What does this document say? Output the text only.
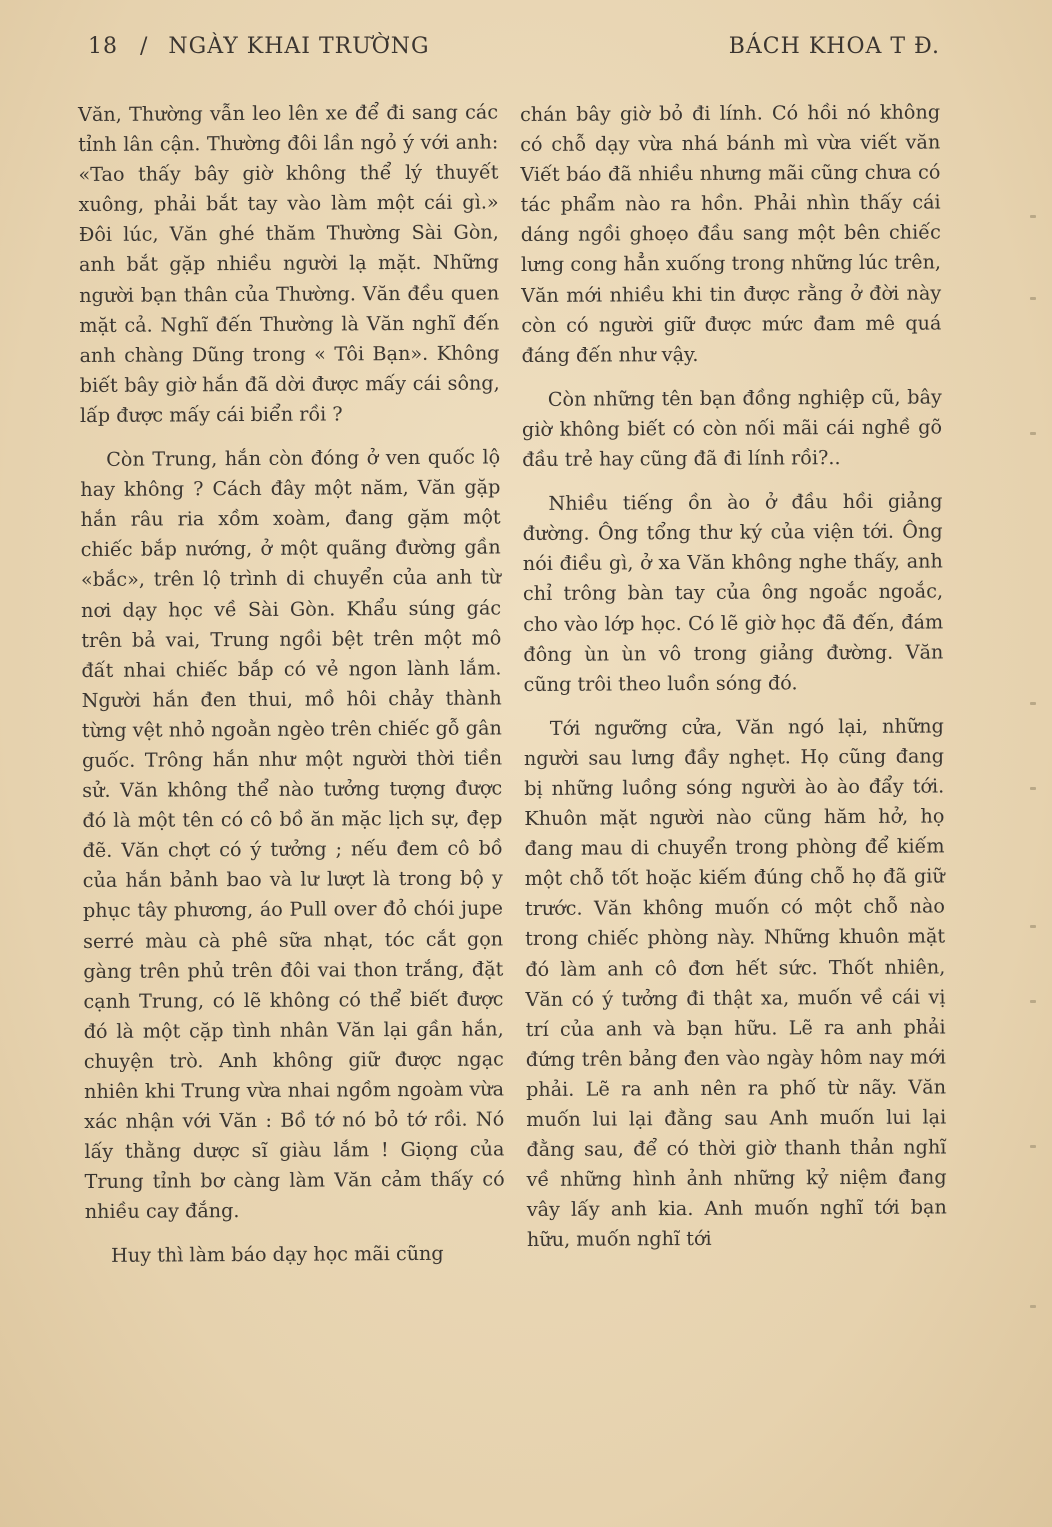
18 / NGÀY KHAI TRƯỜNG	BÁCH KHOA T Đ.

Văn, Thường vẫn leo lên xe để đi sang các tỉnh lân cận. Thường đôi lần ngỏ ý với anh: «Tao thấy bây giờ không thể lý thuyết xuông, phải bắt tay vào làm một cái gì.» Đôi lúc, Văn ghé thăm Thường Sài Gòn, anh bắt gặp nhiều người lạ mặt. Những người bạn thân của Thường. Văn đều quen mặt cả. Nghĩ đến Thường là Văn nghĩ đến anh chàng Dũng trong « Tôi Bạn». Không biết bây giờ hắn đã dời được mấy cái sông, lấp được mấy cái biển rồi ?

Còn Trung, hắn còn đóng ở ven quốc lộ hay không ? Cách đây một năm, Văn gặp hắn râu ria xồm xoàm, đang gặm một chiếc bắp nướng, ở một quãng đường gần «bắc», trên lộ trình di chuyển của anh từ nơi dạy học về Sài Gòn. Khẩu súng gác trên bả vai, Trung ngồi bệt trên một mô đất nhai chiếc bắp có vẻ ngon lành lắm. Người hắn đen thui, mồ hôi chảy thành từng vệt nhỏ ngoằn ngèo trên chiếc gỗ gân guốc. Trông hắn như một người thời tiền sử. Văn không thể nào tưởng tượng được đó là một tên có cô bồ ăn mặc lịch sự, đẹp đẽ. Văn chợt có ý tưởng ; nếu đem cô bồ của hắn bảnh bao và lư lượt là trong bộ y phục tây phương, áo Pull over đỏ chói jupe serré màu cà phê sữa nhạt, tóc cắt gọn gàng trên phủ trên đôi vai thon trắng, đặt cạnh Trung, có lẽ không có thể biết được đó là một cặp tình nhân Văn lại gần hắn, chuyện trò. Anh không giữ được ngạc nhiên khi Trung vừa nhai ngồm ngoàm vừa xác nhận với Văn : Bồ tớ nó bỏ tớ rồi. Nó lấy thằng dược sĩ giàu lắm ! Giọng của Trung tỉnh bơ càng làm Văn cảm thấy có nhiều cay đắng.

Huy thì làm báo dạy học mãi cũng

chán bây giờ bỏ đi lính. Có hồi nó không có chỗ dạy vừa nhá bánh mì vừa viết văn Viết báo đã nhiều nhưng mãi cũng chưa có tác phẩm nào ra hồn. Phải nhìn thấy cái dáng ngồi ghoẹo đầu sang một bên chiếc lưng cong hẳn xuống trong những lúc trên, Văn mới nhiều khi tin được rằng ở đời này còn có người giữ được mức đam mê quá đáng đến như vậy.

Còn những tên bạn đồng nghiệp cũ, bây giờ không biết có còn nối mãi cái nghề gõ đầu trẻ hay cũng đã đi lính rồi?..

Nhiều tiếng ồn ào ở đầu hồi giảng đường. Ông tổng thư ký của viện tới. Ông nói điều gì, ở xa Văn không nghe thấy, anh chỉ trông bàn tay của ông ngoắc ngoắc, cho vào lớp học. Có lẽ giờ học đã đến, đám đông ùn ùn vô trong giảng đường. Văn cũng trôi theo luồn sóng đó.

Tới ngưỡng cửa, Văn ngó lại, những người sau lưng đầy nghẹt. Họ cũng đang bị những luồng sóng người ào ào đẩy tới. Khuôn mặt người nào cũng hăm hở, họ đang mau di chuyển trong phòng để kiếm một chỗ tốt hoặc kiếm đúng chỗ họ đã giữ trước. Văn không muốn có một chỗ nào trong chiếc phòng này. Những khuôn mặt đó làm anh cô đơn hết sức. Thốt nhiên, Văn có ý tưởng đi thật xa, muốn về cái vị trí của anh và bạn hữu. Lẽ ra anh phải đứng trên bảng đen vào ngày hôm nay mới phải. Lẽ ra anh nên ra phố từ nãy. Văn muốn lui lại đằng sau Anh muốn lui lại đằng sau, để có thời giờ thanh thản nghĩ về những hình ảnh những kỷ niệm đang vây lấy anh kia. Anh muốn nghĩ tới bạn hữu, muốn nghĩ tới
